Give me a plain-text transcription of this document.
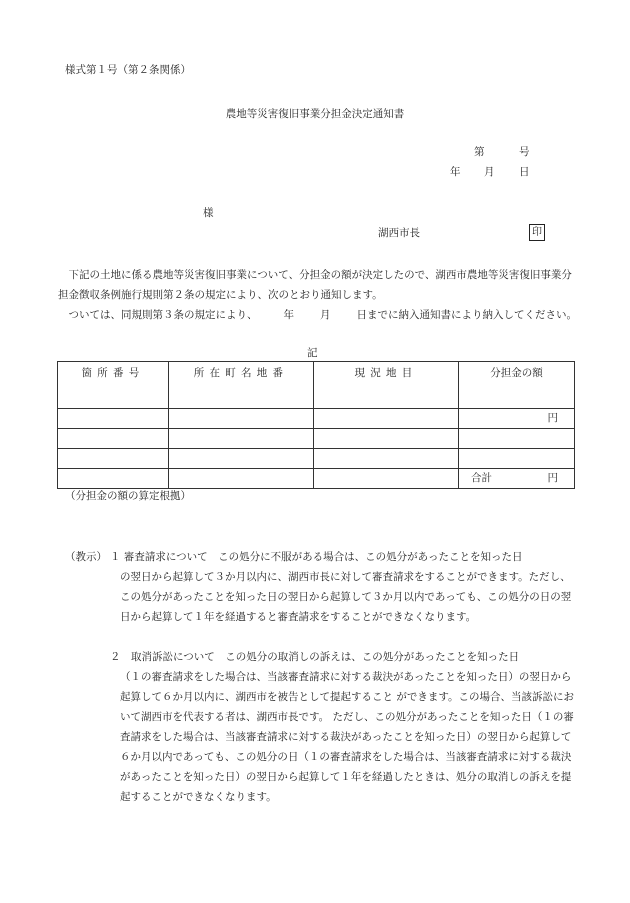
様式第１号（第２条関係）
農地等災害復旧事業分担金決定通知書
第	号
年 月 日
様
湖西市長	印

下記の土地に係る農地等災害復旧事業について、分担金の額が決定したので、湖西市農地等災害復旧事業分担金徴収条例施行規則第２条の規定により、次のとおり通知します。

ついては、同規則第３条の規定により、 年 月 日までに納入通知書により納入してください。

記
箇所番号	所在町名地番	現況地目	分担金の額
			円

			合計 円
（分担金の額の算定根拠）
（教示） １ 審査請求について　この処分に不服がある場合は、この処分があったことを知った日
の翌日から起算して３か月以内に、湖西市長に対して審査請求をすることができます。ただし、この処分があったことを知った日の翌日から起算して３か月以内であっても、この処分の日の翌日から起算して１年を経過すると審査請求をすることができなくなります。
２　取消訴訟について　この処分の取消しの訴えは、この処分があったことを知った日
（１の審査請求をした場合は、当該審査請求に対する裁決があったことを知った日）の翌日から起算して６か月以内に、湖西市を被告として提起すること ができます。この場合、当該訴訟において湖西市を代表する者は、湖西市長です。 ただし、この処分があったことを知った日（１の審査請求をした場合は、当該審査請求に対する裁決があったことを知った日）の翌日から起算して６か月以内であっても、この処分の日（１の審査請求をした場合は、当該審査請求に対する裁決があったことを知った日）の翌日から起算して１年を経過したときは、処分の取消しの訴えを提起することができなくなります。
